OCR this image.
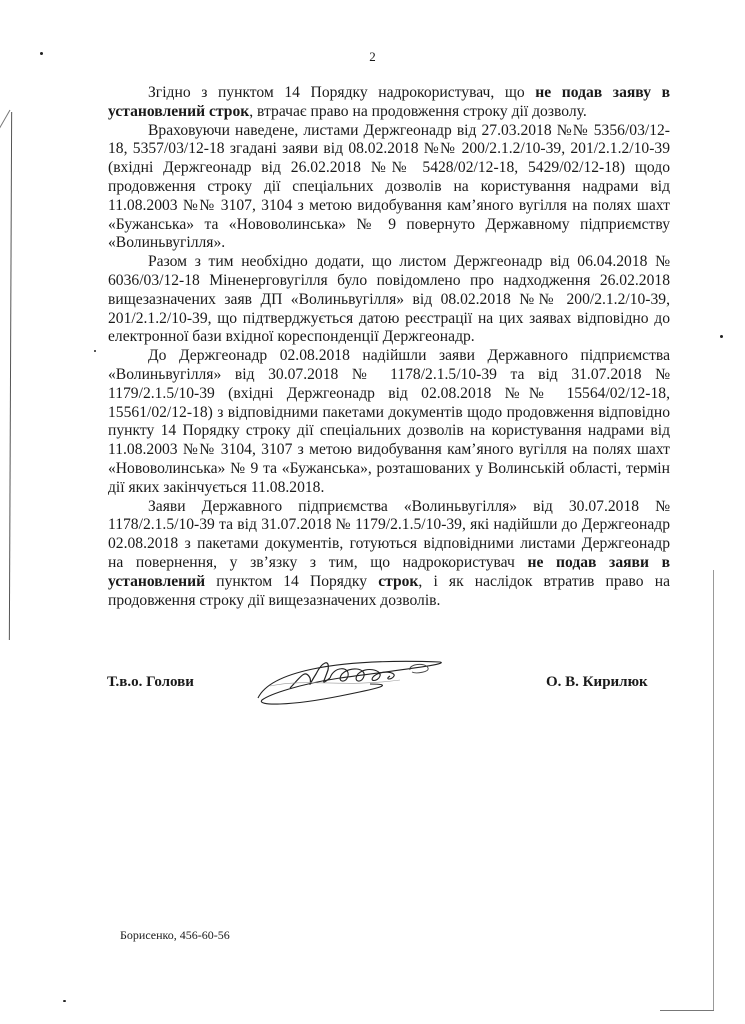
2

Згідно з пунктом 14 Порядку надрокористувач, що не подав заяву в установлений строк, втрачає право на продовження строку дії дозволу.

Враховуючи наведене, листами Держгеонадр від 27.03.2018 №№ 5356/03/12-18, 5357/03/12-18 згадані заяви від 08.02.2018 №№ 200/2.1.2/10-39, 201/2.1.2/10-39 (вхідні Держгеонадр від 26.02.2018 №№ 5428/02/12-18, 5429/02/12-18) щодо продовження строку дії спеціальних дозволів на користування надрами від 11.08.2003 №№ 3107, 3104 з метою видобування кам’яного вугілля на полях шахт «Бужанська» та «Нововолинська» № 9 повернуто Державному підприємству «Волиньвугілля».

Разом з тим необхідно додати, що листом Держгеонадр від 06.04.2018 № 6036/03/12-18 Міненерговугілля було повідомлено про надходження 26.02.2018 вищезазначених заяв ДП «Волиньвугілля» від 08.02.2018 №№ 200/2.1.2/10-39, 201/2.1.2/10-39, що підтверджується датою реєстрації на цих заявах відповідно до електронної бази вхідної кореспонденції Держгеонадр.

До Держгеонадр 02.08.2018 надійшли заяви Державного підприємства «Волиньвугілля» від 30.07.2018 № 1178/2.1.5/10-39 та від 31.07.2018 № 1179/2.1.5/10-39 (вхідні Держгеонадр від 02.08.2018 №№ 15564/02/12-18, 15561/02/12-18) з відповідними пакетами документів щодо продовження відповідно пункту 14 Порядку строку дії спеціальних дозволів на користування надрами від 11.08.2003 №№ 3104, 3107 з метою видобування кам’яного вугілля на полях шахт «Нововолинська» № 9 та «Бужанська», розташованих у Волинській області, термін дії яких закінчується 11.08.2018.

Заяви Державного підприємства «Волиньвугілля» від 30.07.2018 № 1178/2.1.5/10-39 та від 31.07.2018 № 1179/2.1.5/10-39, які надійшли до Держгеонадр 02.08.2018 з пакетами документів, готуються відповідними листами Держгеонадр на повернення, у зв’язку з тим, що надрокористувач не подав заяви в установлений пунктом 14 Порядку строк, і як наслідок втратив право на продовження строку дії вищезазначених дозволів.

Т.в.о. Голови	О. В. Кирилюк
Борисенко, 456-60-56
